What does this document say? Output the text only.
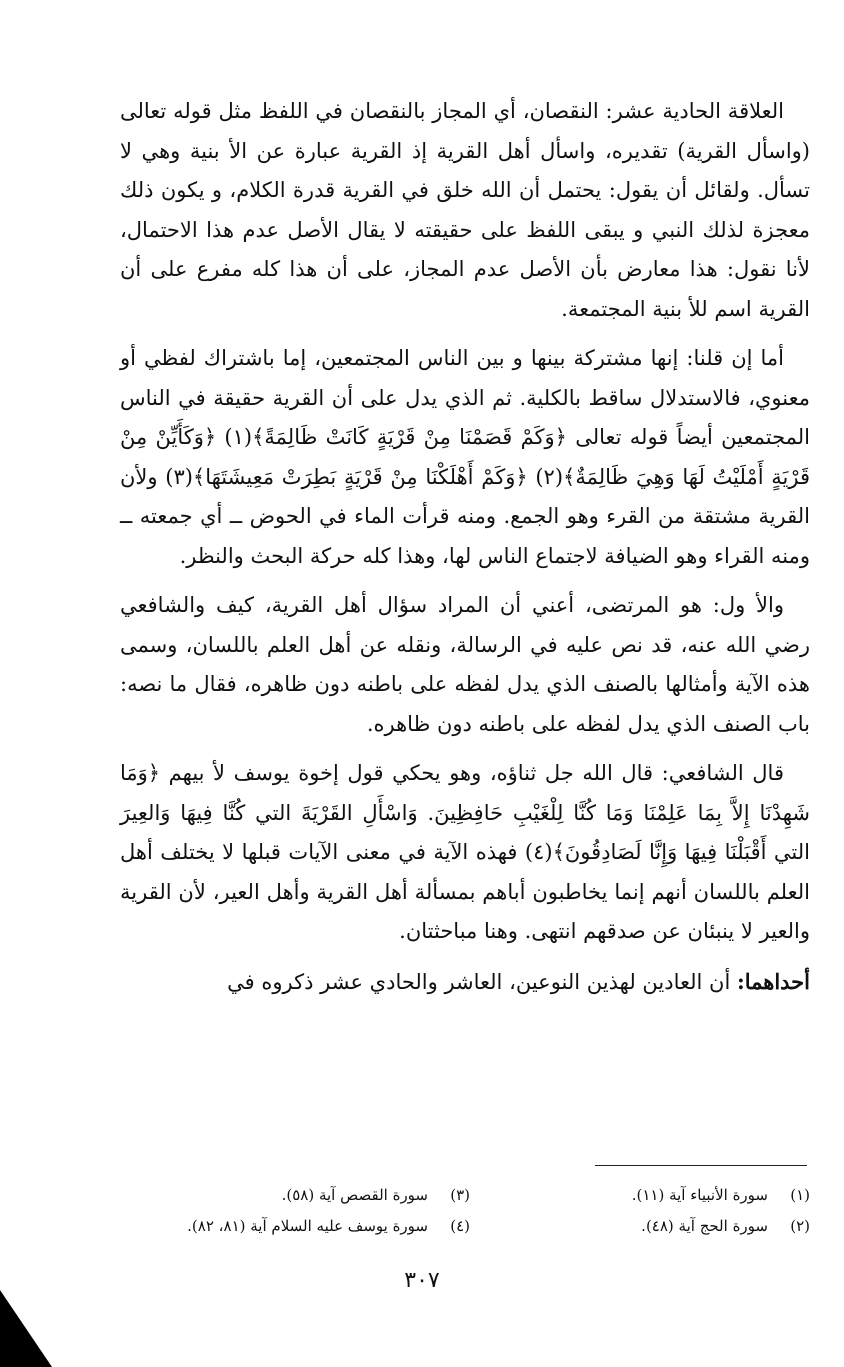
العلاقة الحادية عشر: النقصان، أي المجاز بالنقصان في اللفظ مثل قوله تعالى (واسأل القرية) تقديره، واسأل أهل القرية إذ القرية عبارة عن الأ بنية وهي لا تسأل. ولقائل أن يقول: يحتمل أن الله خلق في القرية قدرة الكلام، و يكون ذلك معجزة لذلك النبي و يبقى اللفظ على حقيقته لا يقال الأصل عدم هذا الاحتمال، لأنا نقول: هذا معارض بأن الأصل عدم المجاز، على أن هذا كله مفرع على أن القرية اسم للأ بنية المجتمعة.

أما إن قلنا: إنها مشتركة بينها و بين الناس المجتمعين، إما باشتراك لفظي أو معنوي، فالاستدلال ساقط بالكلية. ثم الذي يدل على أن القرية حقيقة في الناس المجتمعين أيضاً قوله تعالى ﴿وَكَمْ قَصَمْنَا مِنْ قَرْيَةٍ كَانَتْ ظَالِمَةً﴾(١) ﴿وَكَأَيِّنْ مِنْ قَرْيَةٍ أَمْلَيْتُ لَهَا وَهِيَ ظَالِمَةٌ﴾(٢) ﴿وَكَمْ أَهْلَكْنَا مِنْ قَرْيَةٍ بَطِرَتْ مَعِيشَتَهَا﴾(٣) ولأن القرية مشتقة من القرء وهو الجمع. ومنه قرأت الماء في الحوض ــ أي جمعته ــ ومنه القراء وهو الضيافة لاجتماع الناس لها، وهذا كله حركة البحث والنظر.

والأ ول: هو المرتضى، أعني أن المراد سؤال أهل القرية، كيف والشافعي رضي الله عنه، قد نص عليه في الرسالة، ونقله عن أهل العلم باللسان، وسمى هذه الآية وأمثالها بالصنف الذي يدل لفظه على باطنه دون ظاهره، فقال ما نصه: باب الصنف الذي يدل لفظه على باطنه دون ظاهره.

قال الشافعي: قال الله جل ثناؤه، وهو يحكي قول إخوة يوسف لأ بيهم ﴿وَمَا شَهِدْنَا إِلاَّ بِمَا عَلِمْنَا وَمَا كُنَّا لِلْغَيْبِ حَافِظِينَ. وَاسْأَلِ القَرْيَةَ التي كُنَّا فِيهَا وَالعِيرَ التي أَقْبَلْنَا فِيهَا وَإِنَّا لَصَادِقُونَ﴾(٤) فهذه الآية في معنى الآيات قبلها لا يختلف أهل العلم باللسان أنهم إنما يخاطبون أباهم بمسألة أهل القرية وأهل العير، لأن القرية والعير لا ينبئان عن صدقهم انتهى. وهنا مباحثتان.

أحداهما: أن العادين لهذين النوعين، العاشر والحادي عشر ذكروه في

(١)سورة الأنبياء آية (١١).
(٣)سورة القصص آية (٥٨).
(٢)سورة الحج آية (٤٨).
(٤)سورة يوسف عليه السلام آية (٨١، ٨٢).
٣٠٧
